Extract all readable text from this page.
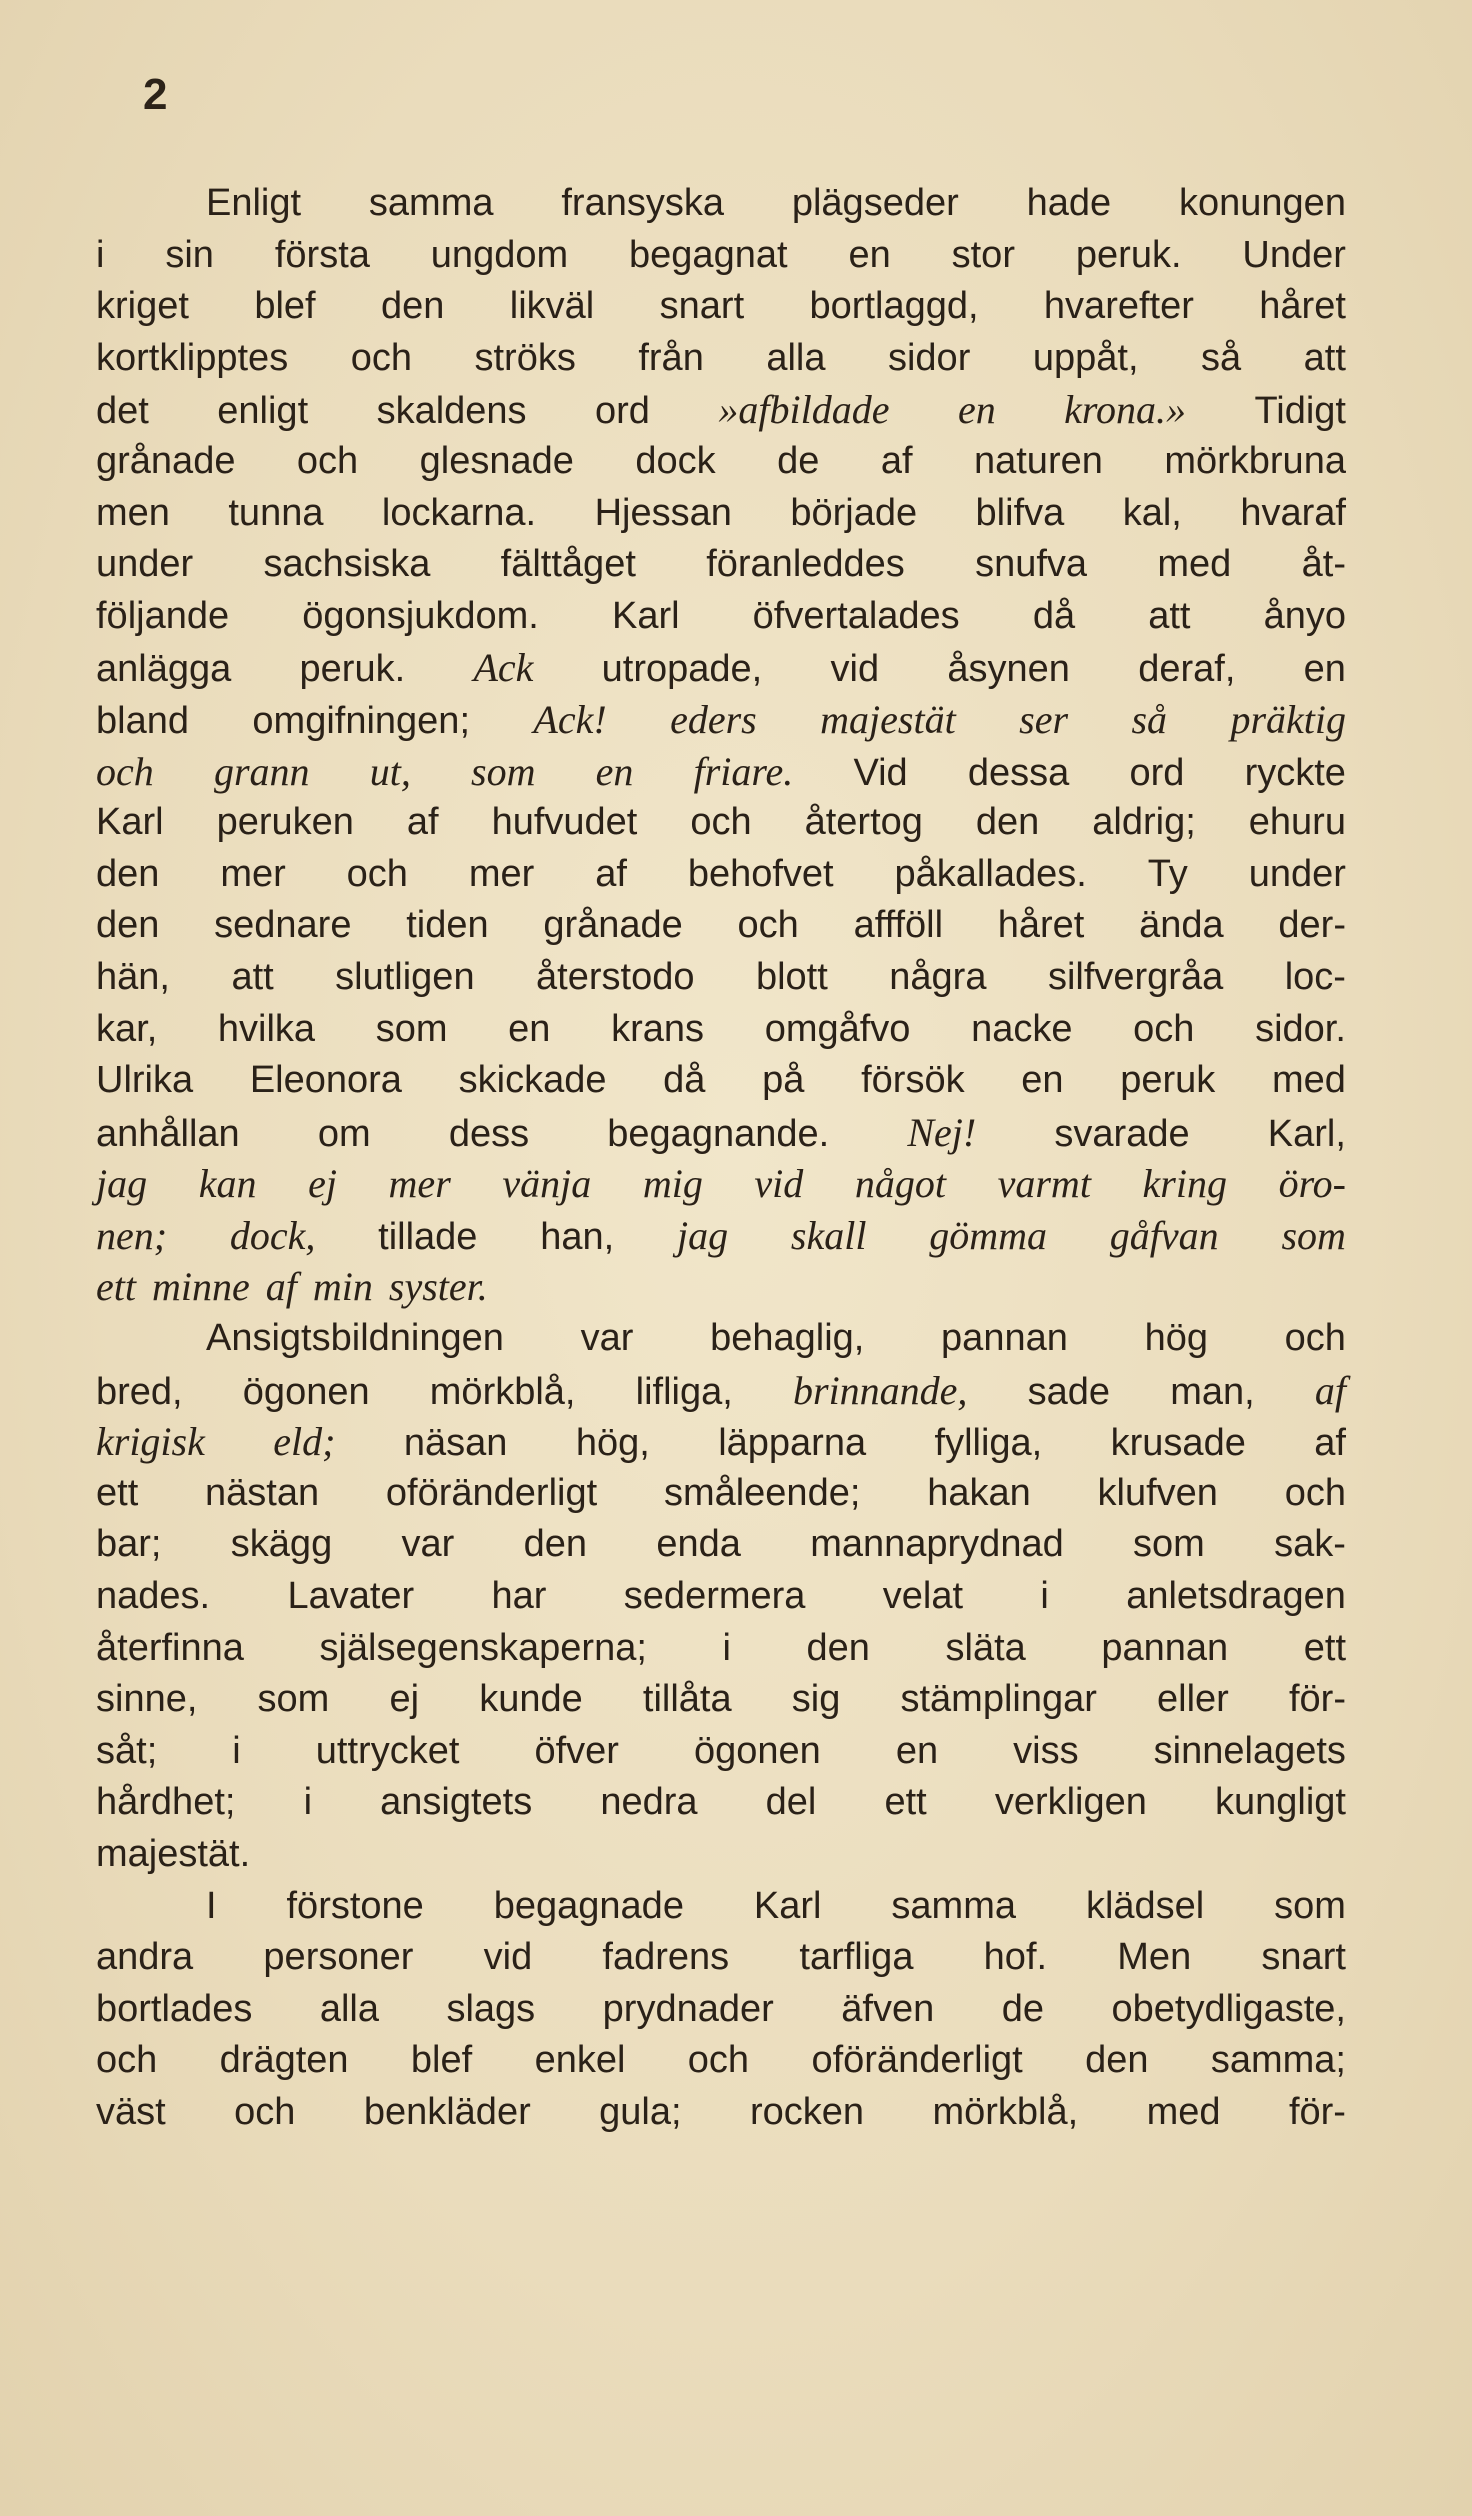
2
Enligt samma fransyska plägseder hade konungen
i sin första ungdom begagnat en stor peruk. Under
kriget blef den likväl snart bortlaggd, hvarefter håret
kortklipptes och ströks från alla sidor uppåt, så att
det enligt skaldens ord »afbildade en krona.» Tidigt
grånade och glesnade dock de af naturen mörkbruna
men tunna lockarna. Hjessan började blifva kal, hvaraf
under sachsiska fälttåget föranleddes snufva med åt-
följande ögonsjukdom. Karl öfvertalades då att ånyo
anlägga peruk. Ack utropade, vid åsynen deraf, en
bland omgifningen; Ack! eders majestät ser så präktig
och grann ut, som en friare. Vid dessa ord ryckte
Karl peruken af hufvudet och återtog den aldrig; ehuru
den mer och mer af behofvet påkallades. Ty under
den sednare tiden grånade och affföll håret ända der-
hän, att slutligen återstodo blott några silfvergråa loc-
kar, hvilka som en krans omgåfvo nacke och sidor.
Ulrika Eleonora skickade då på försök en peruk med
anhållan om dess begagnande. Nej! svarade Karl,
jag kan ej mer vänja mig vid något varmt kring öro-
nen; dock, tillade han, jag skall gömma gåfvan som
ett minne af min syster.
Ansigtsbildningen var behaglig, pannan hög och
bred, ögonen mörkblå, lifliga, brinnande, sade man, af
krigisk eld; näsan hög, läpparna fylliga, krusade af
ett nästan oföränderligt småleende; hakan klufven och
bar; skägg var den enda mannaprydnad som sak-
nades. Lavater har sedermera velat i anletsdragen
återfinna själsegenskaperna; i den släta pannan ett
sinne, som ej kunde tillåta sig stämplingar eller för-
såt; i uttrycket öfver ögonen en viss sinnelagets
hårdhet; i ansigtets nedra del ett verkligen kungligt
majestät.
I förstone begagnade Karl samma klädsel som
andra personer vid fadrens tarfliga hof. Men snart
bortlades alla slags prydnader äfven de obetydligaste,
och drägten blef enkel och oföränderligt den samma;
väst och benkläder gula; rocken mörkblå, med för-
